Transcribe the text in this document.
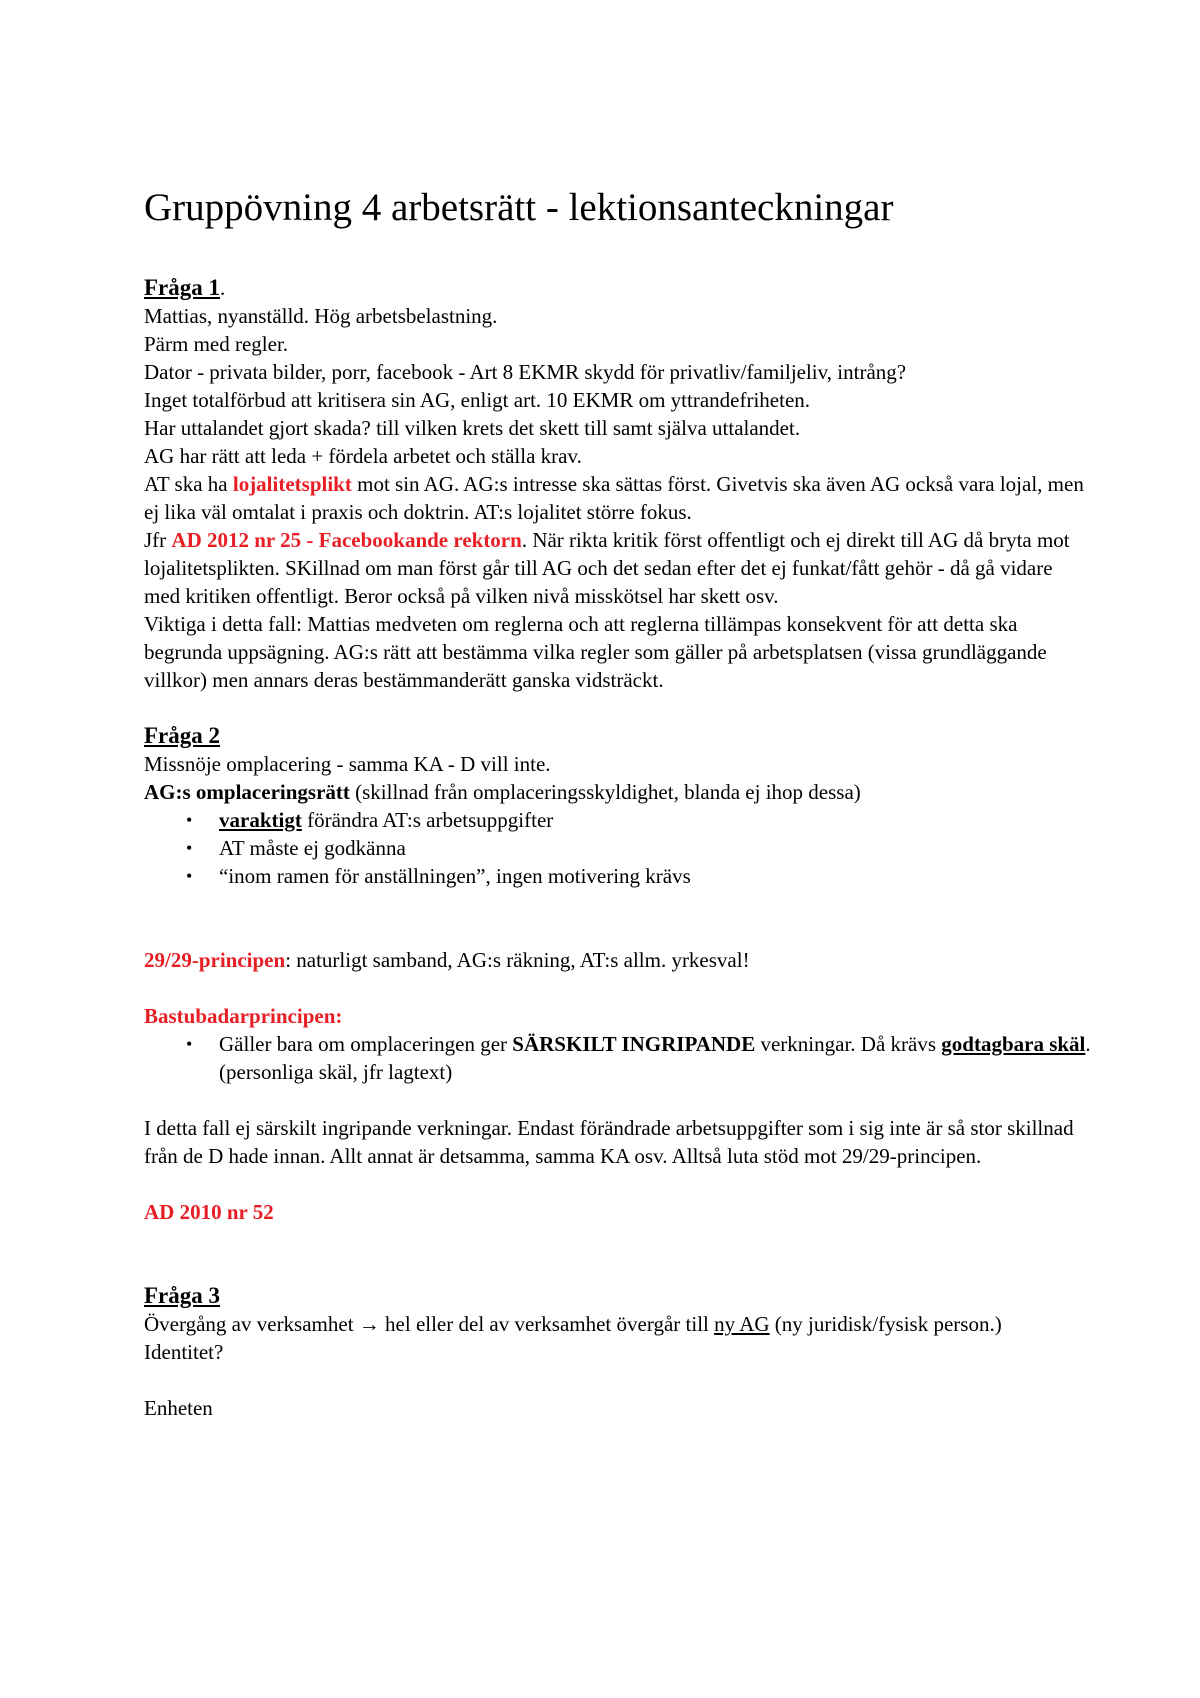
Gruppövning 4 arbetsrätt - lektionsanteckningar

Fråga 1.

Mattias, nyanställd. Hög arbetsbelastning.

Pärm med regler.

Dator - privata bilder, porr, facebook - Art 8 EKMR skydd för privatliv/familjeliv, intrång?

Inget totalförbud att kritisera sin AG, enligt art. 10 EKMR om yttrandefriheten.

Har uttalandet gjort skada? till vilken krets det skett till samt själva uttalandet.

AG har rätt att leda + fördela arbetet och ställa krav.

AT ska ha lojalitetsplikt mot sin AG. AG:s intresse ska sättas först. Givetvis ska även AG också vara lojal, men ej lika väl omtalat i praxis och doktrin. AT:s lojalitet större fokus.

Jfr AD 2012 nr 25 - Facebookande rektorn. När rikta kritik först offentligt och ej direkt till AG då bryta mot lojalitetsplikten. SKillnad om man först går till AG och det sedan efter det ej funkat/fått gehör - då gå vidare med kritiken offentligt. Beror också på vilken nivå misskötsel har skett osv.

Viktiga i detta fall: Mattias medveten om reglerna och att reglerna tillämpas konsekvent för att detta ska begrunda uppsägning. AG:s rätt att bestämma vilka regler som gäller på arbetsplatsen (vissa grundläggande villkor) men annars deras bestämmanderätt ganska vidsträckt.

Fråga 2

Missnöje omplacering - samma KA - D vill inte.

AG:s omplaceringsrätt (skillnad från omplaceringsskyldighet, blanda ej ihop dessa)

• varaktigt förändra AT:s arbetsuppgifter
• AT måste ej godkänna
• “inom ramen för anställningen”, ingen motivering krävs

29/29-principen: naturligt samband, AG:s räkning, AT:s allm. yrkesval!

Bastubadarprincipen:

• Gäller bara om omplaceringen ger SÄRSKILT INGRIPANDE verkningar. Då krävs godtagbara skäl. (personliga skäl, jfr lagtext)

I detta fall ej särskilt ingripande verkningar. Endast förändrade arbetsuppgifter som i sig inte är så stor skillnad från de D hade innan. Allt annat är detsamma, samma KA osv. Alltså luta stöd mot 29/29-principen.

AD 2010 nr 52

Fråga 3

Övergång av verksamhet → hel eller del av verksamhet övergår till ny AG (ny juridisk/fysisk person.)

Identitet?

Enheten
